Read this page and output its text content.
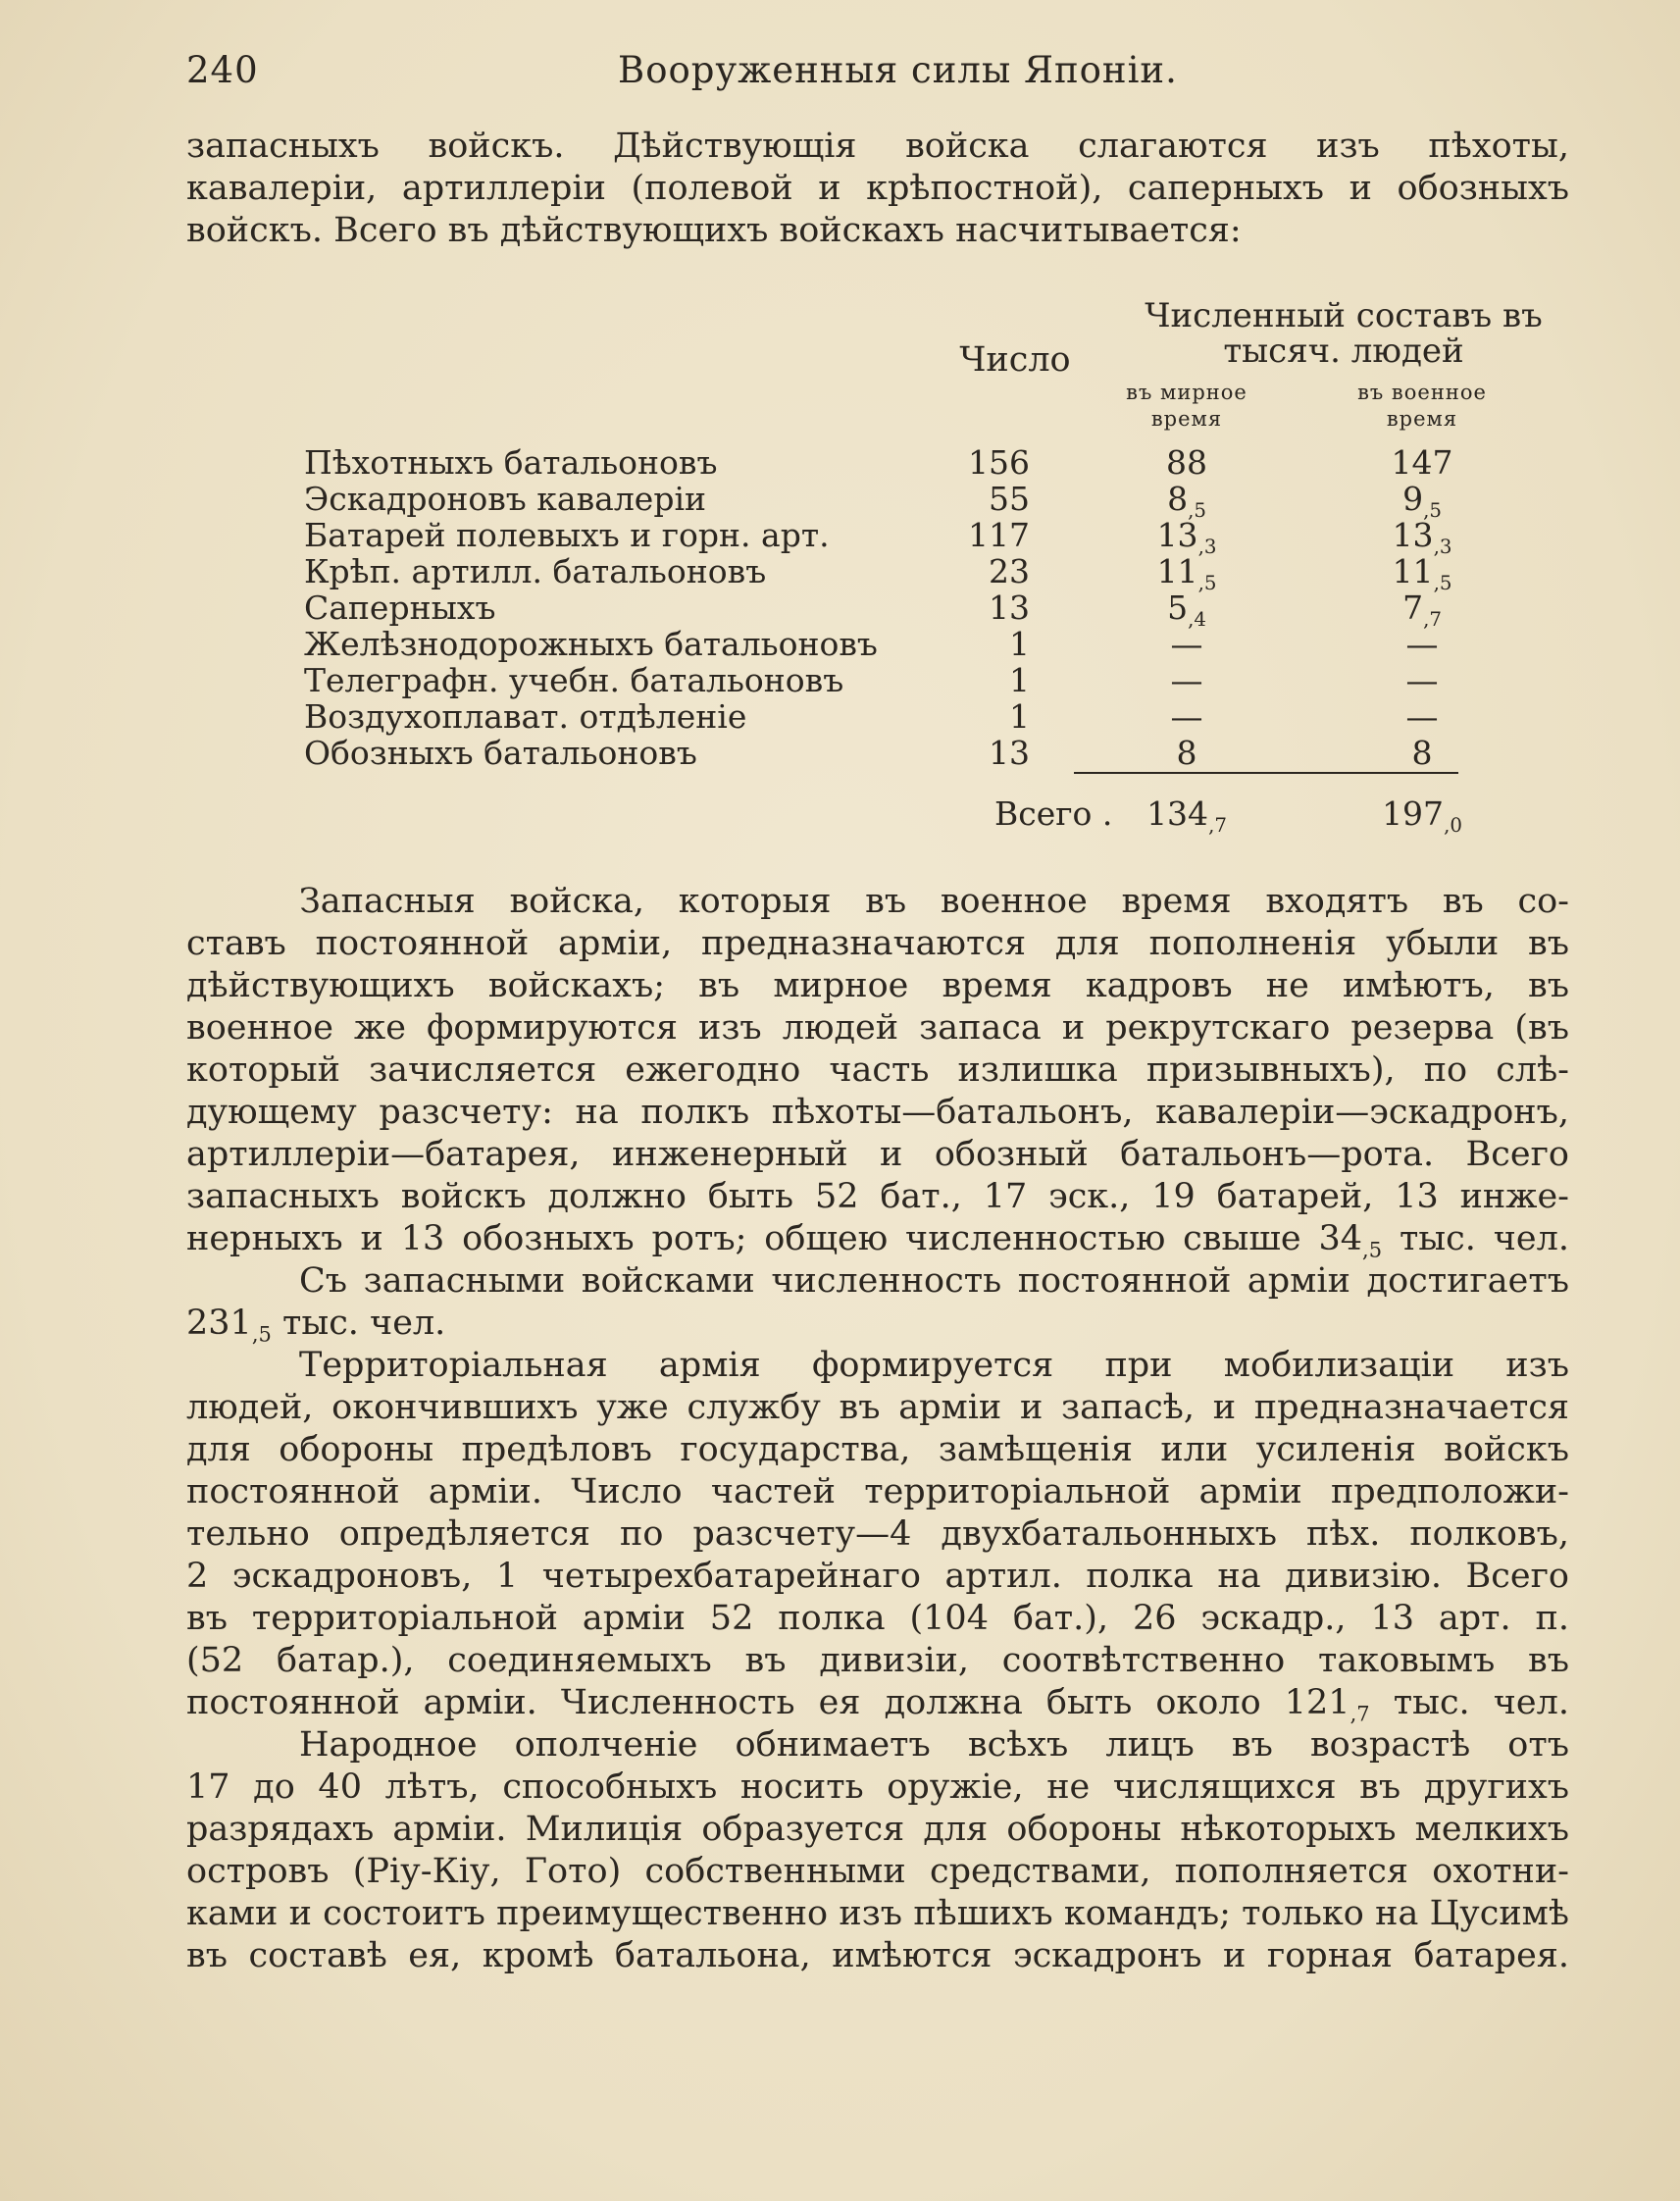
240	Вооруженныя силы Японіи.
запасныхъ войскъ. Дѣйствующія войска слагаются изъ пѣхоты,
кавалеріи, артиллеріи (полевой и крѣпостной), саперныхъ и обозныхъ
войскъ. Всего въ дѣйствующихъ войскахъ насчитывается:
Численный составъ въ
тысяч. людей
Число
въ мирное
время
въ военное
время
Пѣхотныхъ батальоновъ	156	88	147
Эскадроновъ кавалеріи	55	$8_{,5}$	$9_{,5}$
Батарей полевыхъ и горн. арт.	117	$13_{,3}$	$13_{,3}$
Крѣп. артилл. батальоновъ	23	$11_{,5}$	$11_{,5}$
Саперныхъ	13	$5_{,4}$	$7_{,7}$
Желѣзнодорожныхъ батальоновъ	1	—	—
Телеграфн. учебн. батальоновъ	1	—	—
Воздухоплават. отдѣленіе	1	—	—
Обозныхъ батальоновъ	13	8	8
Всего .	$134_{,7}$	$197_{,0}$
Запасныя войска, которыя въ военное время входятъ въ со-
ставъ постоянной арміи, предназначаются для пополненія убыли въ
дѣйствующихъ войскахъ; въ мирное время кадровъ не имѣютъ, въ
военное же формируются изъ людей запаса и рекрутскаго резерва (въ
который зачисляется ежегодно часть излишка призывныхъ), по слѣ-
дующему разсчету: на полкъ пѣхоты—батальонъ, кавалеріи—эскадронъ,
артиллеріи—батарея, инженерный и обозный батальонъ—рота. Всего
запасныхъ войскъ должно быть 52 бат., 17 эск., 19 батарей, 13 инже-
нерныхъ и 13 обозныхъ ротъ; общею численностью свыше $34_{,5}$ тыс. чел.
Съ запасными войсками численность постоянной арміи достигаетъ
$231_{,5}$ тыс. чел.
Территоріальная армія формируется при мобилизаціи изъ
людей, окончившихъ уже службу въ арміи и запасѣ, и предназначается
для обороны предѣловъ государства, замѣщенія или усиленія войскъ
постоянной арміи. Число частей территоріальной арміи предположи-
тельно опредѣляется по разсчету—4 двухбатальонныхъ пѣх. полковъ,
2 эскадроновъ, 1 четырехбатарейнаго артил. полка на дивизію. Всего
въ территоріальной арміи 52 полка (104 бат.), 26 эскадр., 13 арт. п.
(52 батар.), соединяемыхъ въ дивизіи, соотвѣтственно таковымъ въ
постоянной арміи. Численность ея должна быть около $121_{,7}$ тыс. чел.
Народное ополченіе обнимаетъ всѣхъ лицъ въ возрастѣ отъ
17 до 40 лѣтъ, способныхъ носить оружіе, не числящихся въ другихъ
разрядахъ арміи. Милиція образуется для обороны нѣкоторыхъ мелкихъ
островъ (Ріу-Кіу, Гото) собственными средствами, пополняется охотни-
ками и состоитъ преимущественно изъ пѣшихъ командъ; только на Цусимѣ
въ составѣ ея, кромѣ батальона, имѣются эскадронъ и горная батарея.
